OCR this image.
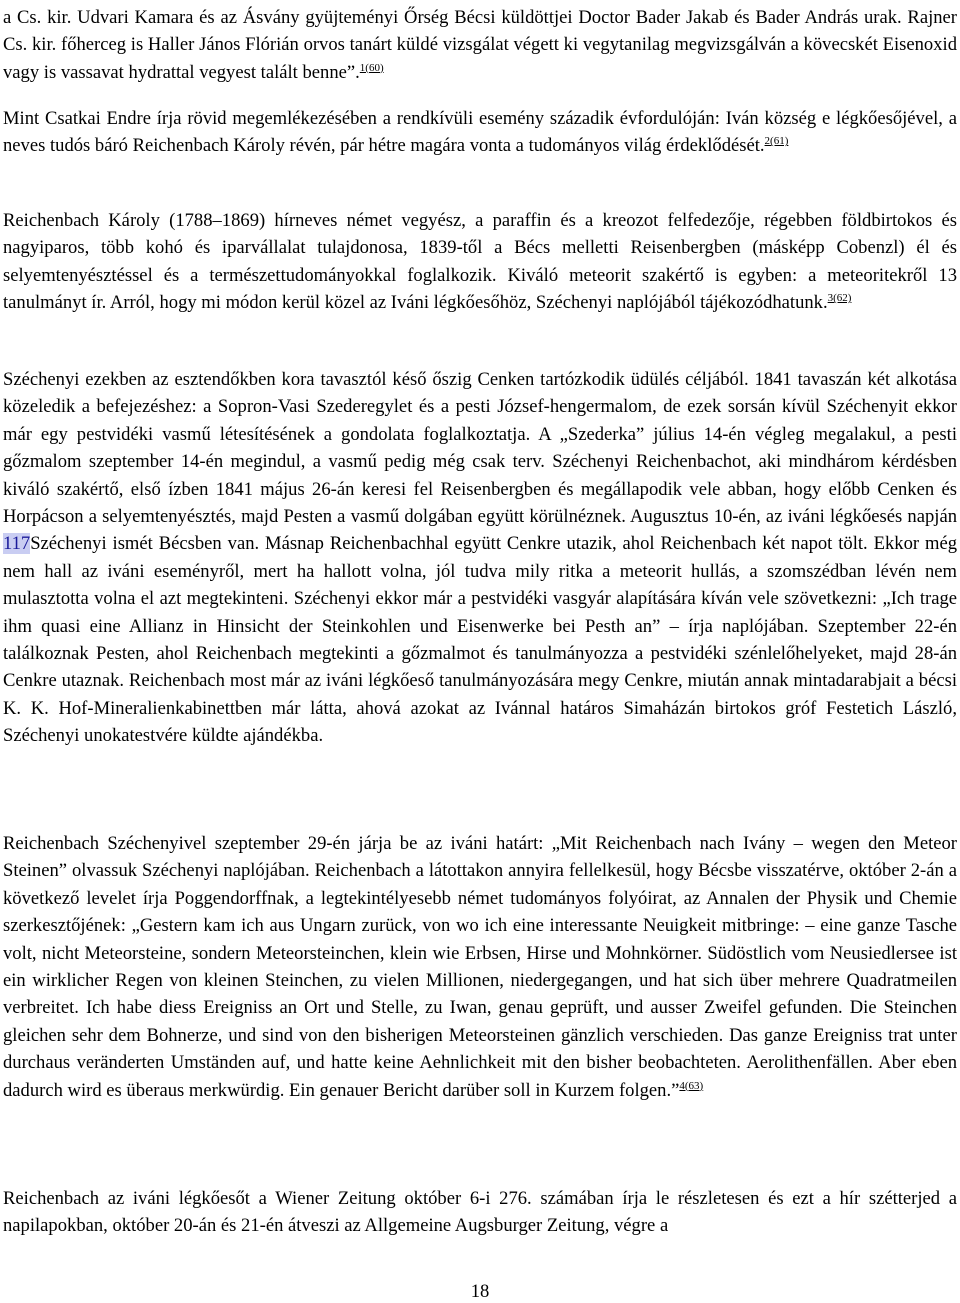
a Cs. kir. Udvari Kamara és az Ásvány gyüjteményi Őrség Bécsi küldöttjei Doctor Bader Jakab és Bader András urak. Rajner Cs. kir. főherceg is Haller János Flórián orvos tanárt küldé vizsgálat végett ki vegytanilag megvizsgálván a kövecskét Eisenoxid vagy is vassavat hydrattal vegyest talált benne”.$^{1(60)}$

Mint Csatkai Endre írja rövid megemlékezésében a rendkívüli esemény századik évfordulóján: Iván község e légkőesőjével, a neves tudós báró Reichenbach Károly révén, pár hétre magára vonta a tudományos világ érdeklődését.$^{2(61)}$

Reichenbach Károly (1788–1869) hírneves német vegyész, a paraffin és a kreozot felfedezője, régebben földbirtokos és nagyiparos, több kohó és iparvállalat tulajdonosa, 1839-től a Bécs melletti Reisenbergben (másképp Cobenzl) él és selyemtenyésztéssel és a természettudományokkal foglalkozik. Kiváló meteorit szakértő is egyben: a meteoritekről 13 tanulmányt ír. Arról, hogy mi módon kerül közel az Iváni légkőesőhöz, Széchenyi naplójából tájékozódhatunk.$^{3(62)}$

Széchenyi ezekben az esztendőkben kora tavasztól késő őszig Cenken tartózkodik üdülés céljából. 1841 tavaszán két alkotása közeledik a befejezéshez: a Sopron-Vasi Szederegylet és a pesti József-hengermalom, de ezek sorsán kívül Széchenyit ekkor már egy pestvidéki vasmű létesítésének a gondolata foglalkoztatja. A „Szederka” július 14-én végleg megalakul, a pesti gőzmalom szeptember 14-én megindul, a vasmű pedig még csak terv. Széchenyi Reichenbachot, aki mindhárom kérdésben kiváló szakértő, első ízben 1841 május 26-án keresi fel Reisenbergben és megállapodik vele abban, hogy előbb Cenken és Horpácson a selyemtenyésztés, majd Pesten a vasmű dolgában együtt körülnéznek. Augusztus 10-én, az iváni légkőesés napján 117Széchenyi ismét Bécsben van. Másnap Reichenbachhal együtt Cenkre utazik, ahol Reichenbach két napot tölt. Ekkor még nem hall az iváni eseményről, mert ha hallott volna, jól tudva mily ritka a meteorit hullás, a szomszédban lévén nem mulasztotta volna el azt megtekinteni. Széchenyi ekkor már a pestvidéki vasgyár alapítására kíván vele szövetkezni: „Ich trage ihm quasi eine Allianz in Hinsicht der Steinkohlen und Eisenwerke bei Pesth an” – írja naplójában. Szeptember 22-én találkoznak Pesten, ahol Reichenbach megtekinti a gőzmalmot és tanulmányozza a pestvidéki szénlelőhelyeket, majd 28-án Cenkre utaznak. Reichenbach most már az iváni légkőeső tanulmányozására megy Cenkre, miután annak mintadarabjait a bécsi K. K. Hof-Mineralienkabinettben már látta, ahová azokat az Ivánnal határos Simaházán birtokos gróf Festetich László, Széchenyi unokatestvére küldte ajándékba.

Reichenbach Széchenyivel szeptember 29-én járja be az iváni határt: „Mit Reichenbach nach Ivány – wegen den Meteor Steinen” olvassuk Széchenyi naplójában. Reichenbach a látottakon annyira fellelkesül, hogy Bécsbe visszatérve, október 2-án a következő levelet írja Poggendorffnak, a legtekintélyesebb német tudományos folyóirat, az Annalen der Physik und Chemie szerkesztőjének: „Gestern kam ich aus Ungarn zurück, von wo ich eine interessante Neuigkeit mitbringe: – eine ganze Tasche volt, nicht Meteorsteine, sondern Meteorsteinchen, klein wie Erbsen, Hirse und Mohnkörner. Südöstlich vom Neusiedlersee ist ein wirklicher Regen von kleinen Steinchen, zu vielen Millionen, niedergegangen, und hat sich über mehrere Quadratmeilen verbreitet. Ich habe diess Ereigniss an Ort und Stelle, zu Iwan, genau geprüft, und ausser Zweifel gefunden. Die Steinchen gleichen sehr dem Bohnerze, und sind von den bisherigen Meteorsteinen gänzlich verschieden. Das ganze Ereigniss trat unter durchaus veränderten Umständen auf, und hatte keine Aehnlichkeit mit den bisher beobachteten. Aerolithenfällen. Aber eben dadurch wird es überaus merkwürdig. Ein genauer Bericht darüber soll in Kurzem folgen.”$^{4(63)}$

Reichenbach az iváni légkőesőt a Wiener Zeitung október 6-i 276. számában írja le részletesen és ezt a hír szétterjed a napilapokban, október 20-án és 21-én átveszi az Allgemeine Augsburger Zeitung, végre a

18
